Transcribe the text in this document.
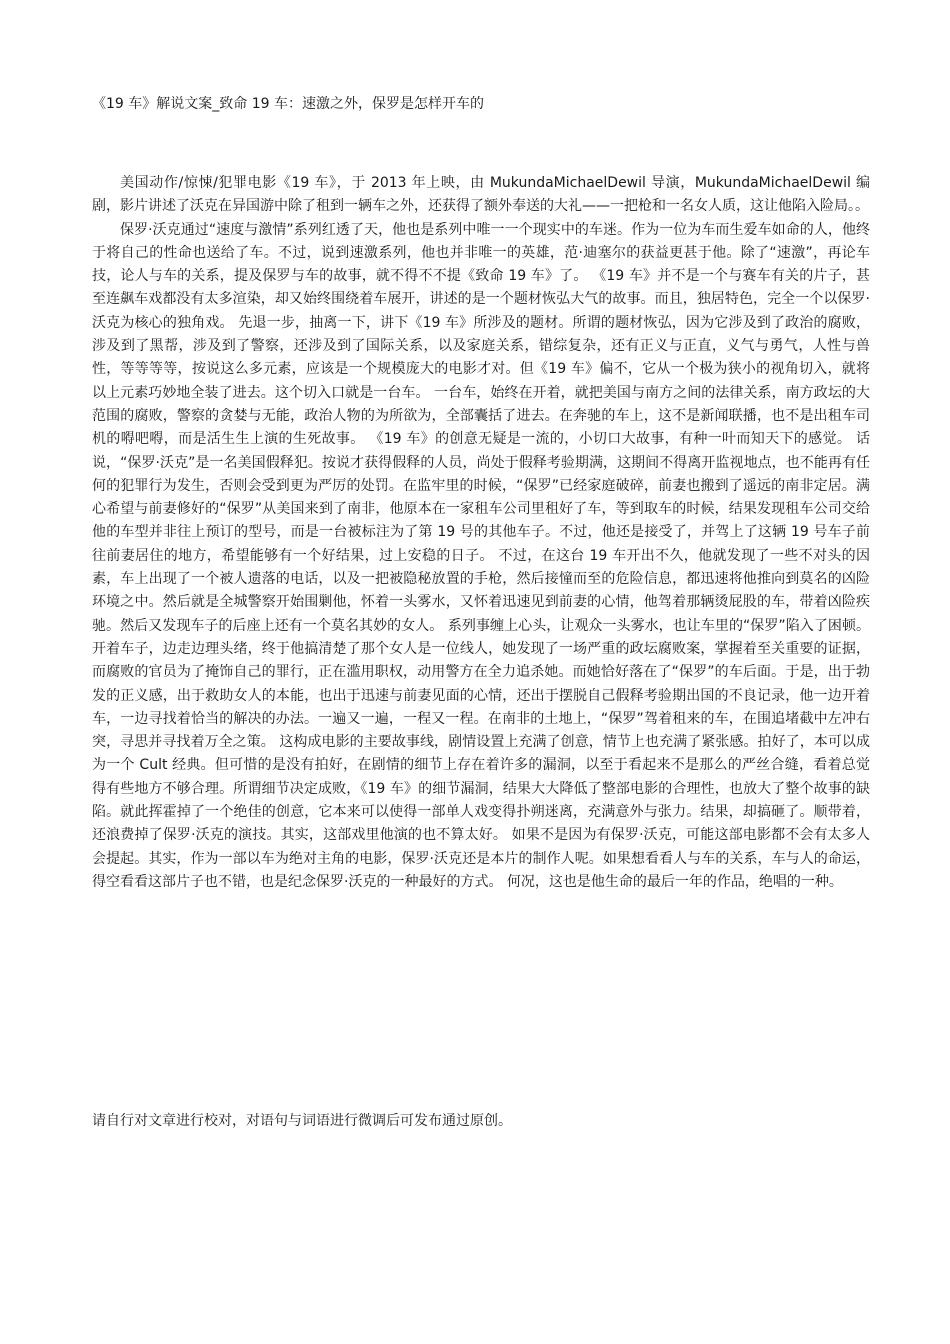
《19 车》解说文案_致命 19 车：速激之外，保罗是怎样开车的

美国动作/惊悚/犯罪电影《19 车》，于 2013 年上映，由 MukundaMichaelDewil 导演，MukundaMichaelDewil 编剧，影片讲述了沃克在异国游中除了租到一辆车之外，还获得了额外奉送的大礼——一把枪和一名女人质，这让他陷入险局。。

保罗·沃克通过“速度与激情”系列红透了天，他也是系列中唯一一个现实中的车迷。作为一位为车而生爱车如命的人，他终于将自己的性命也送给了车。不过，说到速激系列，他也并非唯一的英雄，范·迪塞尔的获益更甚于他。除了“速激”，再论车技，论人与车的关系，提及保罗与车的故事，就不得不不提《致命 19 车》了。 《19 车》并不是一个与赛车有关的片子，甚至连飙车戏都没有太多渲染，却又始终围绕着车展开，讲述的是一个题材恢弘大气的故事。而且，独居特色，完全一个以保罗·沃克为核心的独角戏。 先退一步，抽离一下，讲下《19 车》所涉及的题材。所谓的题材恢弘，因为它涉及到了政治的腐败，涉及到了黑帮，涉及到了警察，还涉及到了国际关系，以及家庭关系，错综复杂，还有正义与正直，义气与勇气，人性与兽性，等等等等，按说这么多元素，应该是一个规模庞大的电影才对。但《19 车》偏不，它从一个极为狭小的视角切入，就将以上元素巧妙地全装了进去。这个切入口就是一台车。 一台车，始终在开着，就把美国与南方之间的法律关系，南方政坛的大范围的腐败，警察的贪婪与无能，政治人物的为所欲为，全部囊括了进去。在奔驰的车上，这不是新闻联播，也不是出租车司机的嘚吧嘚，而是活生生上演的生死故事。 《19 车》的创意无疑是一流的，小切口大故事，有种一叶而知天下的感觉。 话说，“保罗·沃克”是一名美国假释犯。按说才获得假释的人员，尚处于假释考验期满，这期间不得离开监视地点，也不能再有任何的犯罪行为发生，否则会受到更为严厉的处罚。在监牢里的时候，“保罗”已经家庭破碎，前妻也搬到了遥远的南非定居。满心希望与前妻修好的“保罗”从美国来到了南非，他原本在一家租车公司里租好了车，等到取车的时候，结果发现租车公司交给他的车型并非往上预订的型号，而是一台被标注为了第 19 号的其他车子。不过，他还是接受了，并驾上了这辆 19 号车子前往前妻居住的地方，希望能够有一个好结果，过上安稳的日子。 不过，在这台 19 车开出不久，他就发现了一些不对头的因素，车上出现了一个被人遗落的电话，以及一把被隐秘放置的手枪，然后接憧而至的危险信息，都迅速将他推向到莫名的凶险环境之中。然后就是全城警察开始围剿他，怀着一头雾水，又怀着迅速见到前妻的心情，他驾着那辆烫屁股的车，带着凶险疾驰。然后又发现车子的后座上还有一个莫名其妙的女人。 系列事缠上心头，让观众一头雾水，也让车里的“保罗”陷入了困顿。开着车子，边走边理头绪，终于他搞清楚了那个女人是一位线人，她发现了一场严重的政坛腐败案，掌握着至关重要的证据，而腐败的官员为了掩饰自己的罪行，正在滥用职权，动用警方在全力追杀她。而她恰好落在了“保罗”的车后面。于是，出于勃发的正义感，出于救助女人的本能，也出于迅速与前妻见面的心情，还出于摆脱自己假释考验期出国的不良记录，他一边开着车，一边寻找着恰当的解决的办法。一遍又一遍，一程又一程。在南非的土地上，“保罗”驾着租来的车，在围追堵截中左冲右突，寻思并寻找着万全之策。 这构成电影的主要故事线，剧情设置上充满了创意，情节上也充满了紧张感。拍好了，本可以成为一个 Cult 经典。但可惜的是没有拍好，在剧情的细节上存在着许多的漏洞，以至于看起来不是那么的严丝合缝，看着总觉得有些地方不够合理。所谓细节决定成败，《19 车》的细节漏洞，结果大大降低了整部电影的合理性，也放大了整个故事的缺陷。就此挥霍掉了一个绝佳的创意，它本来可以使得一部单人戏变得扑朔迷离，充满意外与张力。结果，却搞砸了。顺带着，还浪费掉了保罗·沃克的演技。其实，这部戏里他演的也不算太好。 如果不是因为有保罗·沃克，可能这部电影都不会有太多人会提起。其实，作为一部以车为绝对主角的电影，保罗·沃克还是本片的制作人呢。如果想看看人与车的关系，车与人的命运，得空看看这部片子也不错，也是纪念保罗·沃克的一种最好的方式。 何况，这也是他生命的最后一年的作品，绝唱的一种。

请自行对文章进行校对，对语句与词语进行微调后可发布通过原创。
